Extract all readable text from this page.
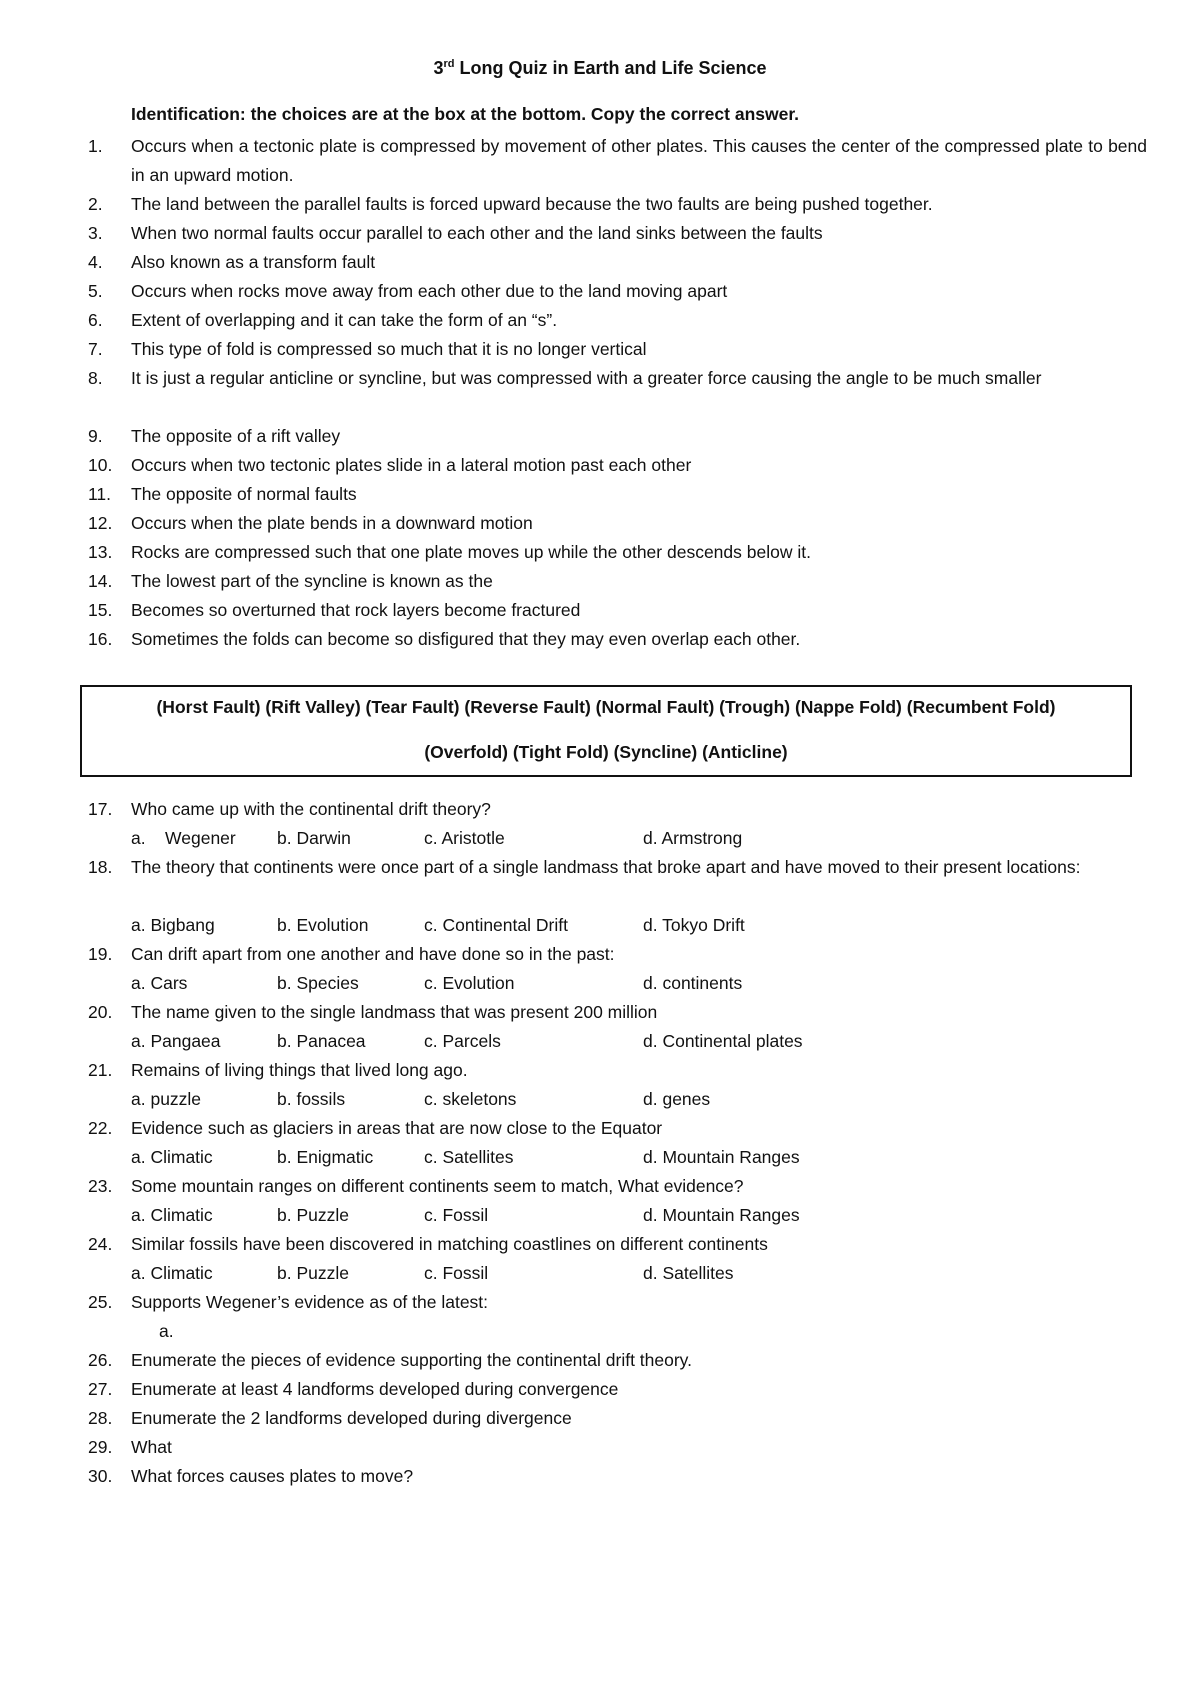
3rd Long Quiz in Earth and Life Science
Identification: the choices are at the box at the bottom. Copy the correct answer.
1.	Occurs when a tectonic plate is compressed by movement of other plates. This causes the center of the compressed plate to bend in an upward motion.
2.	The land between the parallel faults is forced upward because the two faults are being pushed together.
3.	When two normal faults occur parallel to each other and the land sinks between the faults
4.	Also known as a transform fault
5.	Occurs when rocks move away from each other due to the land moving apart
6.	Extent of overlapping and it can take the form of an “s”.
7.	This type of fold is compressed so much that it is no longer vertical
8.	It is just a regular anticline or syncline, but was compressed with a greater force causing the angle to be much smaller
9.	The opposite of a rift valley
10.	Occurs when two tectonic plates slide in a lateral motion past each other
11.	The opposite of normal faults
12.	Occurs when the plate bends in a downward motion
13.	Rocks are compressed such that one plate moves up while the other descends below it.
14.	The lowest part of the syncline is known as the
15.	Becomes so overturned that rock layers become fractured
16.	Sometimes the folds can become so disfigured that they may even overlap each other.
(Horst Fault) (Rift Valley) (Tear Fault) (Reverse Fault) (Normal Fault) (Trough) (Nappe Fold) (Recumbent Fold)
(Overfold) (Tight Fold) (Syncline) (Anticline)
17.	Who came up with the continental drift theory?
a.    Wegener b. Darwin	c. Aristotle	d. Armstrong
18.	The theory that continents were once part of a single landmass that broke apart and have moved to their present locations:
a. Bigbang	b. Evolution	c. Continental Drift	d. Tokyo Drift
19.	Can drift apart from one another and have done so in the past:
a. Cars	b. Species	c. Evolution	d. continents
20.	The name given to the single landmass that was present 200 million
a. Pangaea	b. Panacea	c. Parcels	d. Continental plates
21.	Remains of living things that lived long ago.
a. puzzle	b. fossils	c. skeletons	d. genes
22.	Evidence such as glaciers in areas that are now close to the Equator
a. Climatic	b. Enigmatic	c. Satellites	d. Mountain Ranges
23.	Some mountain ranges on different continents seem to match, What evidence?
a. Climatic	b. Puzzle	c. Fossil	d. Mountain Ranges
24.	Similar fossils have been discovered in matching coastlines on different continents
a. Climatic	b. Puzzle	c. Fossil	d. Satellites
25.	Supports Wegener’s evidence as of the latest:
a.
26.	Enumerate the pieces of evidence supporting the continental drift theory.
27.	Enumerate at least 4 landforms developed during convergence
28.	Enumerate the 2 landforms developed during divergence
29.	What
30.	What forces causes plates to move?
